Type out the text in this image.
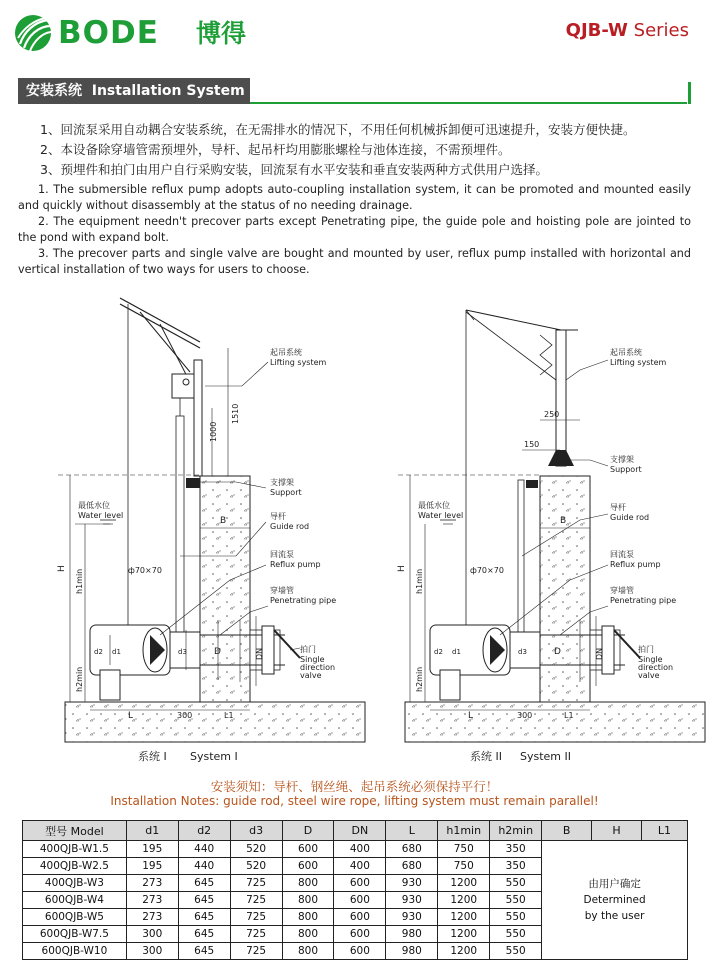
BODE 博得	QJB-W Series
安装系统 Installation System
1、回流泵采用自动耦合安装系统，在无需排水的情况下，不用任何机械拆卸便可迅速提升，安装方便快捷。
2、本设备除穿墙管需预埋外，导杆、起吊杆均用膨胀螺栓与池体连接，不需预埋件。
3、预埋件和拍门由用户自行采购安装，回流泵有水平安装和垂直安装两种方式供用户选择。

1. The submersible reflux pump adopts auto-coupling installation system, it can be promoted and mounted easily and quickly without disassembly at the status of no needing drainage.

2. The equipment needn't precover parts except Penetrating pipe, the guide pole and hoisting pole are jointed to the pond with expand bolt.

3. The precover parts and single valve are bought and mounted by user, reflux pump installed with horizontal and vertical installation of two ways for users to choose.

起吊系统
Lifting system
支撑架
Support
导杆
Guide rod
回流泵
Reflux pump
穿墙管
Penetrating pipe
拍门
Single
direction
valve
最低水位
Water level
1510
1000
B
H
h1min
h2min
ф70×70
L	300	L1
D	DN
d1
d2	d3
起吊系统
Lifting system
支撑架
Support
导杆
Guide rod
回流泵
Reflux pump
穿墙管
Penetrating pipe
拍门
Single
direction
valve
最低水位
Water level
250
150
B
H
h1min
h2min
ф70×70
L	300	L1
D	DN
d1
d2	d3
系统 I System I	系统 II System II
安装须知：导杆、钢丝绳、起吊系统必须保持平行！
Installation Notes: guide rod, steel wire rope, lifting system must remain parallel!
型号 Model	d1	d2	d3	D	DN	L	h1min	h2min	B	H	L1
400QJB-W1.5	195	440	520	600	400	680	750	350	由用户确定
Determined
by the user		

400QJB-W2.5	195	440	520	600	400	680	750	350			
400QJB-W3	273	645	725	800	600	930	1200	550			
600QJB-W4	273	645	725	800	600	930	1200	550			
600QJB-W5	273	645	725	800	600	930	1200	550			
600QJB-W7.5	300	645	725	800	600	980	1200	550			
600QJB-W10	300	645	725	800	600	980	1200	550			
